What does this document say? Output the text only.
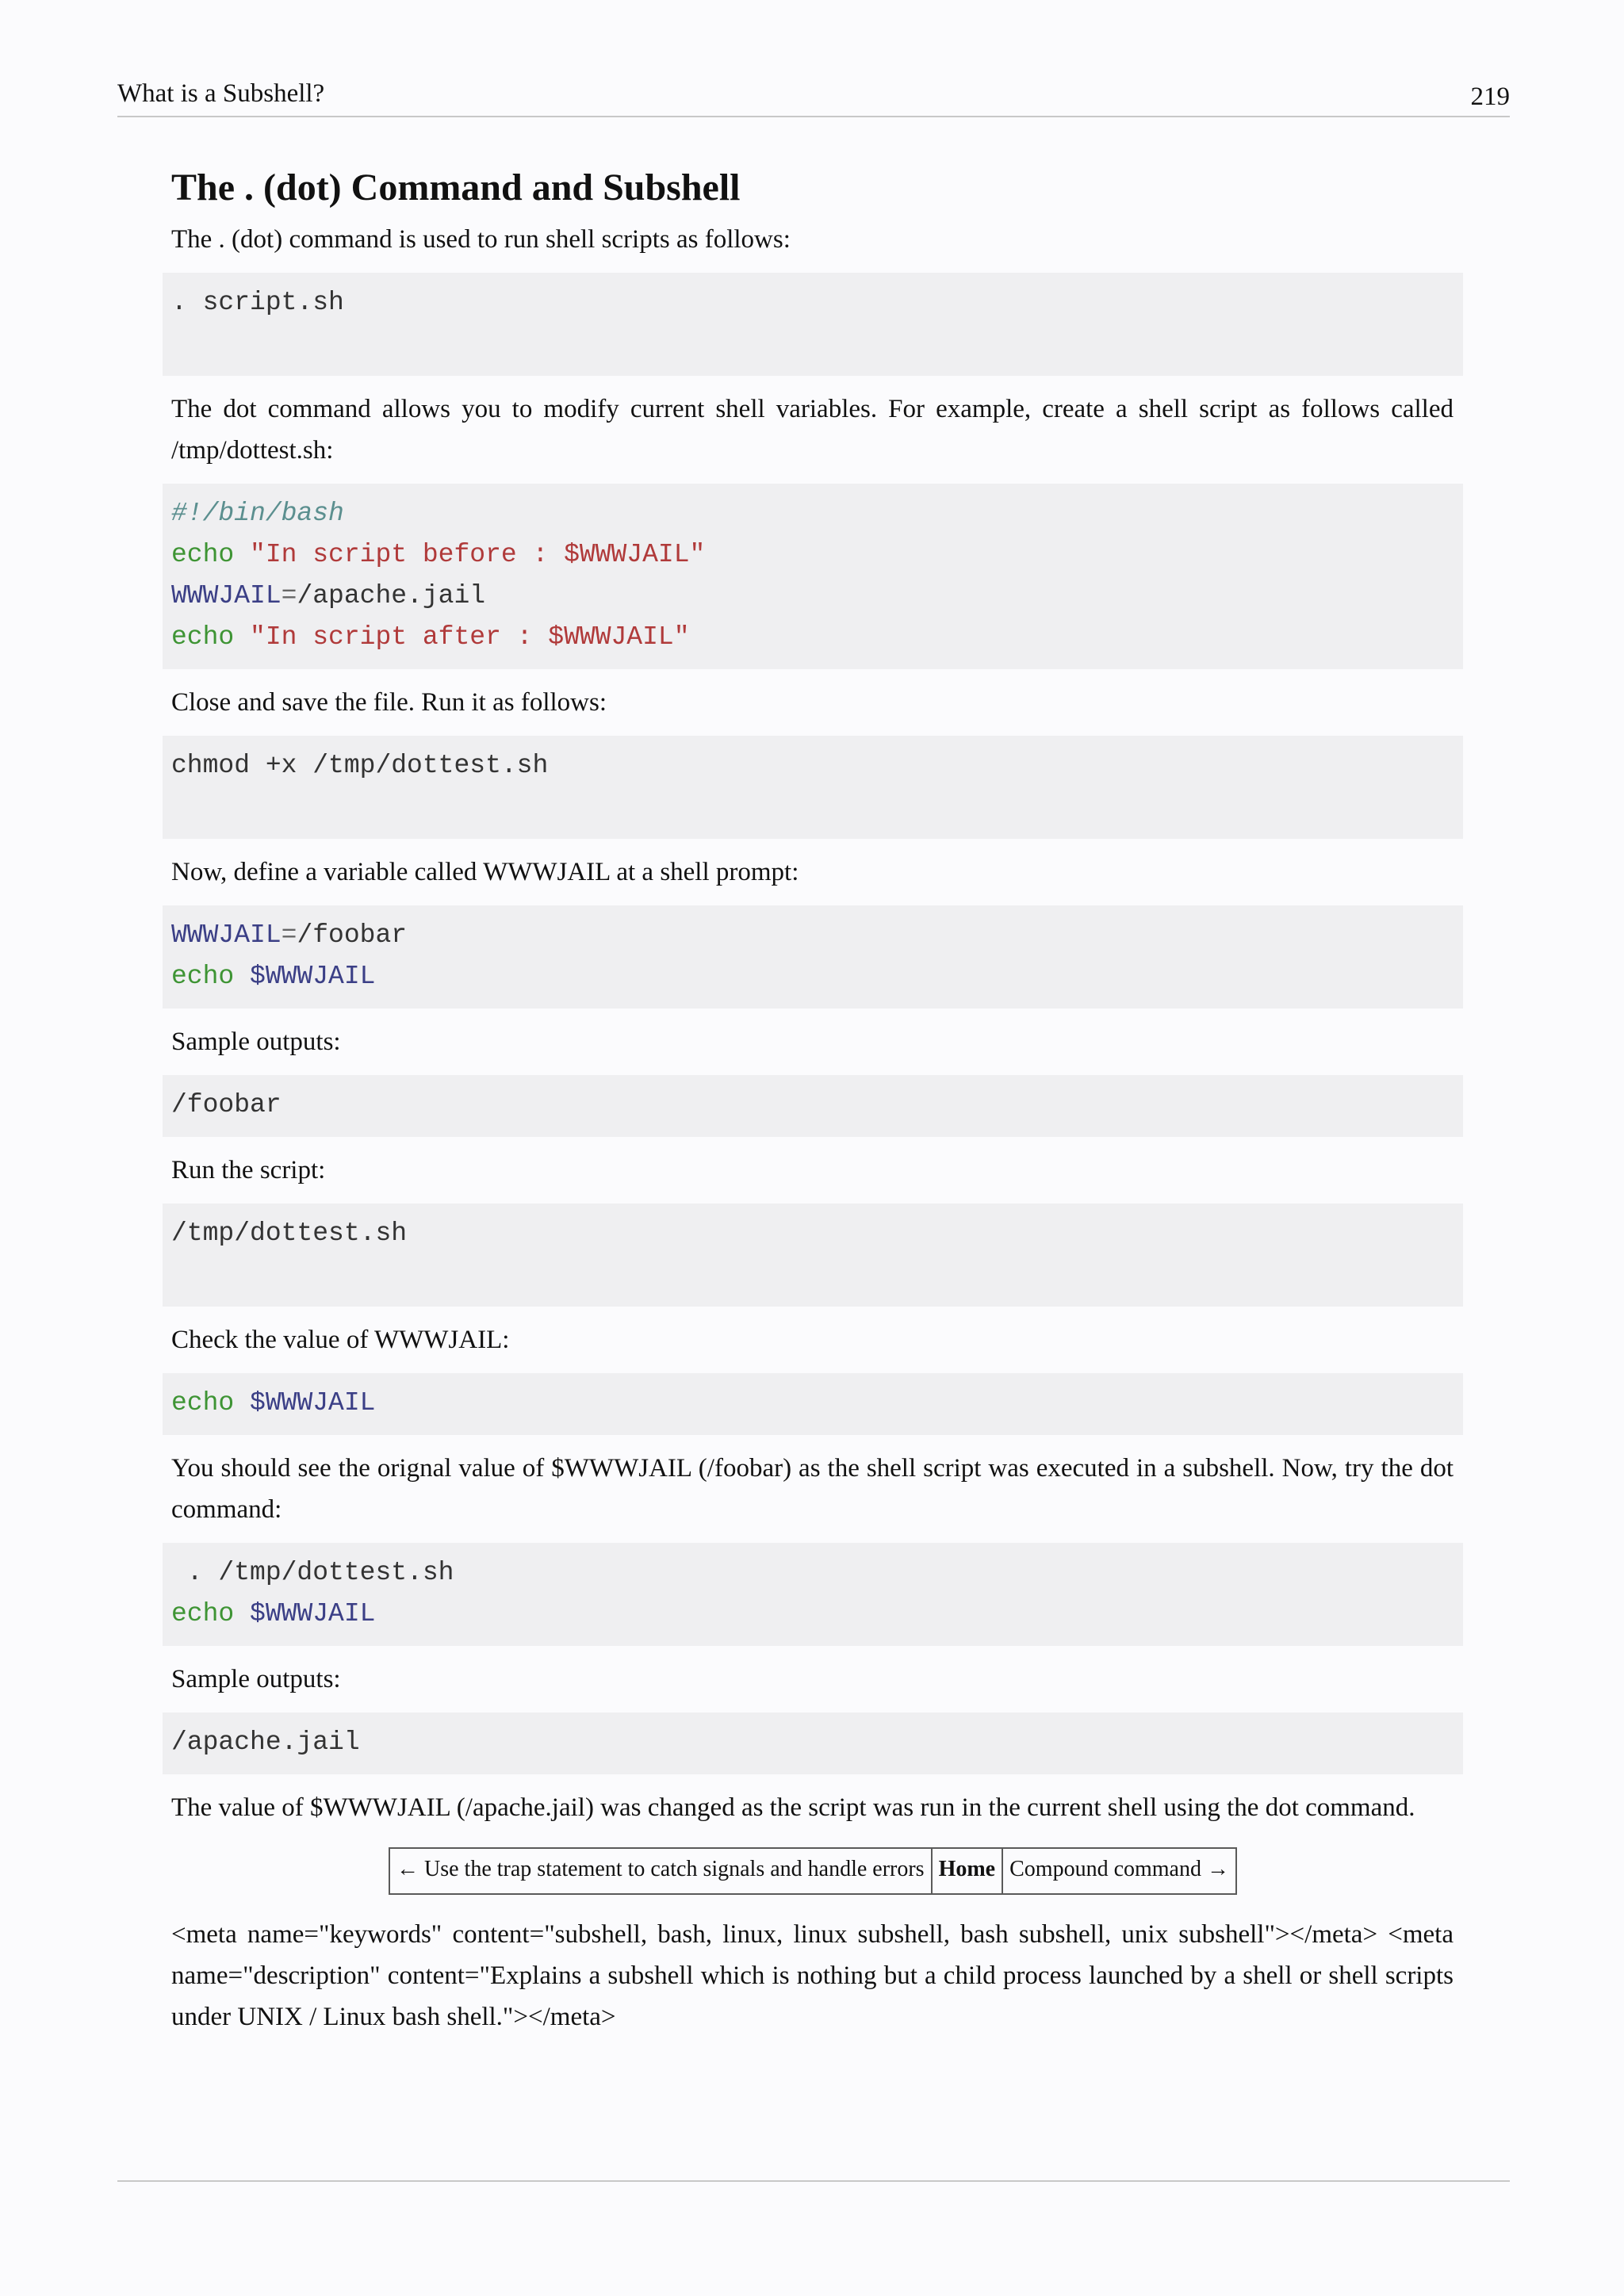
What is a Subshell?	219
The . (dot) Command and Subshell

The . (dot) command is used to run shell scripts as follows:

. script.sh

The dot command allows you to modify current shell variables. For example, create a shell script as follows called /tmp/dottest.sh:

#!/bin/bash
echo "In script before : $WWWJAIL"
WWWJAIL=/apache.jail
echo "In script after : $WWWJAIL"

Close and save the file. Run it as follows:

chmod +x /tmp/dottest.sh

Now, define a variable called WWWJAIL at a shell prompt:

WWWJAIL=/foobar
echo $WWWJAIL

Sample outputs:

/foobar

Run the script:

/tmp/dottest.sh

Check the value of WWWJAIL:

echo $WWWJAIL

You should see the orignal value of $WWWJAIL (/foobar) as the shell script was executed in a subshell. Now, try the dot command:

. /tmp/dottest.sh
echo $WWWJAIL

Sample outputs:

/apache.jail

The value of $WWWJAIL (/apache.jail) was changed as the script was run in the current shell using the dot command.

← Use the trap statement to catch signals and handle errors	Home	Compound command →

<meta name="keywords" content="subshell, bash, linux, linux subshell, bash subshell, unix subshell"></meta> <meta name="description" content="Explains a subshell which is nothing but a child process launched by a shell or shell scripts under UNIX / Linux bash shell."></meta>
